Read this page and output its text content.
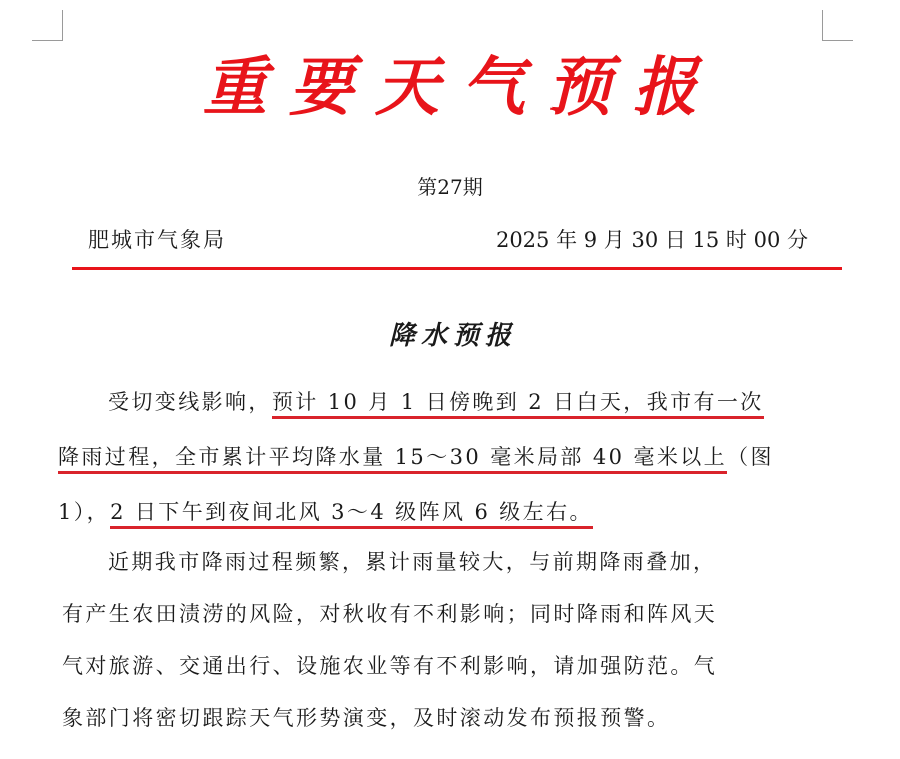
重要天气预报
第27期
肥城市气象局	2025 年 9 月 30 日 15 时 00 分
降水预报
受切变线影响，预计 10 月 1 日傍晚到 2 日白天，我市有一次
降雨过程，全市累计平均降水量 15～30 毫米局部 40 毫米以上（图
1），2 日下午到夜间北风 3～4 级阵风 6 级左右。
近期我市降雨过程频繁，累计雨量较大，与前期降雨叠加，
有产生农田渍涝的风险，对秋收有不利影响；同时降雨和阵风天
气对旅游、交通出行、设施农业等有不利影响，请加强防范。气
象部门将密切跟踪天气形势演变，及时滚动发布预报预警。
